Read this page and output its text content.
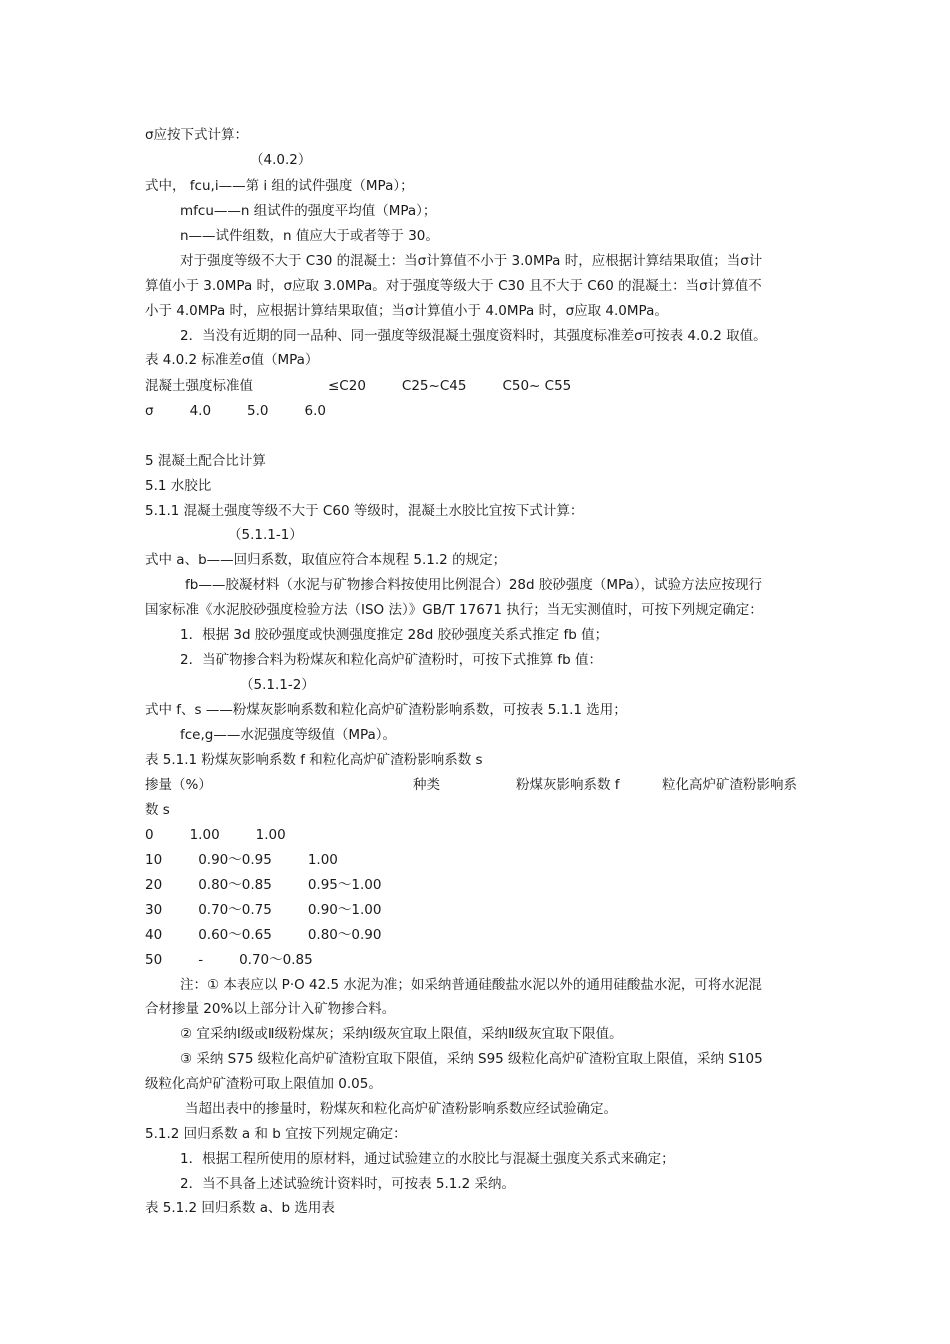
σ应按下式计算：
（4.0.2）
式中， fcu,i——第 i 组的试件强度（MPa）；
mfcu——n 组试件的强度平均值（MPa）；
n——试件组数，n 值应大于或者等于 30。
对于强度等级不大于 C30 的混凝土：当σ计算值不小于 3.0MPa 时，应根据计算结果取值；当σ计
算值小于 3.0MPa 时，σ应取 3.0MPa。对于强度等级大于 C30 且不大于 C60 的混凝土：当σ计算值不
小于 4.0MPa 时，应根据计算结果取值；当σ计算值小于 4.0MPa 时，σ应取 4.0MPa。
2．当没有近期的同一品种、同一强度等级混凝土强度资料时，其强度标准差σ可按表 4.0.2 取值。
表 4.0.2 标准差σ值（MPa）
混凝土强度标准值	≤C20	C25~C45	C50~ C55
σ	4.0	5.0	6.0
5 混凝土配合比计算
5.1 水胶比
5.1.1 混凝土强度等级不大于 C60 等级时，混凝土水胶比宜按下式计算：
（5.1.1-1）
式中 a、b——回归系数，取值应符合本规程 5.1.2 的规定；
fb——胶凝材料（水泥与矿物掺合料按使用比例混合）28d 胶砂强度（MPa），试验方法应按现行
国家标准《水泥胶砂强度检验方法（ISO 法）》GB/T 17671 执行；当无实测值时，可按下列规定确定：
1．根据 3d 胶砂强度或快测强度推定 28d 胶砂强度关系式推定 fb 值；
2．当矿物掺合料为粉煤灰和粒化高炉矿渣粉时，可按下式推算 fb 值：
（5.1.1-2）
式中 f、s ——粉煤灰影响系数和粒化高炉矿渣粉影响系数，可按表 5.1.1 选用；
fce,g——水泥强度等级值（MPa）。
表 5.1.1 粉煤灰影响系数 f 和粒化高炉矿渣粉影响系数 s
掺量（%）	种类	粉煤灰影响系数 f	粒化高炉矿渣粉影响系
数 s
0	1.00	1.00
10	0.90～0.95	1.00
20	0.80～0.85	0.95～1.00
30	0.70～0.75	0.90～1.00
40	0.60～0.65	0.80～0.90
50	-	0.70～0.85
注：① 本表应以 P·O 42.5 水泥为准；如采纳普通硅酸盐水泥以外的通用硅酸盐水泥，可将水泥混
合材掺量 20%以上部分计入矿物掺合料。
② 宜采纳Ⅰ级或Ⅱ级粉煤灰；采纳Ⅰ级灰宜取上限值，采纳Ⅱ级灰宜取下限值。
③ 采纳 S75 级粒化高炉矿渣粉宜取下限值，采纳 S95 级粒化高炉矿渣粉宜取上限值，采纳 S105
级粒化高炉矿渣粉可取上限值加 0.05。
当超出表中的掺量时，粉煤灰和粒化高炉矿渣粉影响系数应经试验确定。
5.1.2 回归系数 a 和 b 宜按下列规定确定：
1．根据工程所使用的原材料，通过试验建立的水胶比与混凝土强度关系式来确定；
2．当不具备上述试验统计资料时，可按表 5.1.2 采纳。
表 5.1.2 回归系数 a、b 选用表
